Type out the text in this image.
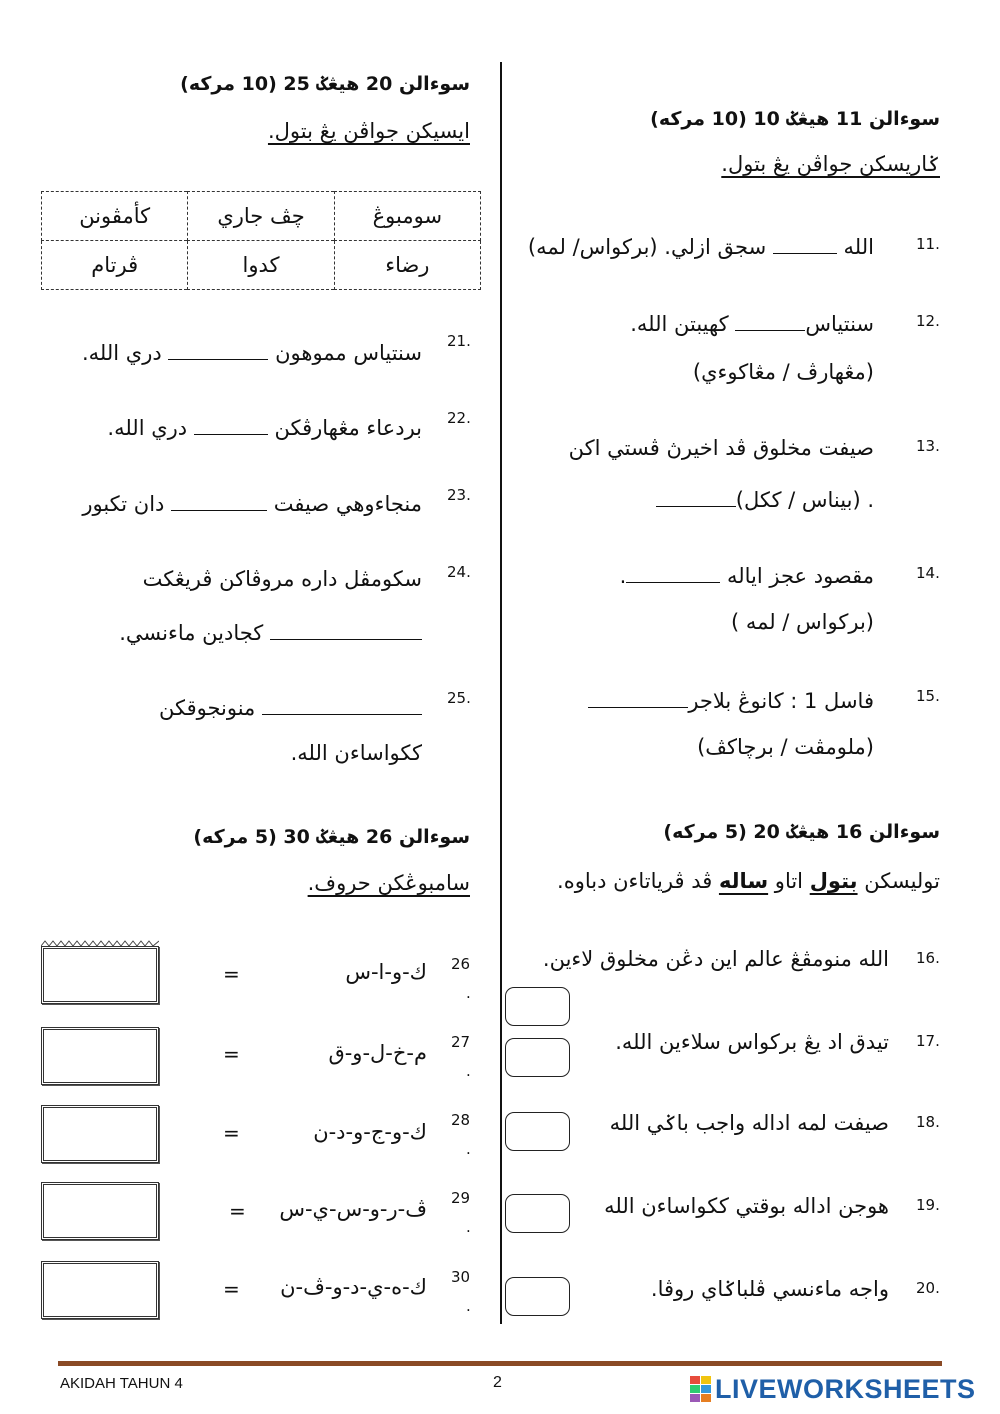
سوءالن 11 هيڠݢ 10 (10 مركه)
ݢاريسكن جواڤن يڠ بتول.
11.
الله  سجق ازلي. (بركواس/ لمه)
12.
سنتياس كهيبتن الله.
(مڠهارڤ / مڠاكوءي)
13.
صيفت مخلوق ڤد اخيرڽ ڤستي اكن
. (بيناس / ككل)
14.
مقصود عجز اياله .
(بركواس / لمه )
15.
فاسل 1 : كانوڠ بلاجر
(ملومڤت / برچاكڤ)
سوءالن 16 هيڠݢ 20 (5 مركه)
توليسكن بتول اتاو ساله ڤد ڤرياتاءن دباوه.
16.
الله منومڤڠ عالم اين دڠن مخلوق لاءين.
17.
تيدق اد يڠ بركواس سلاءين الله.
18.
صيفت لمه اداله واجب باݢي الله
19.
هوجن اداله بوقتي ككواساءن الله
20.
واجه ماءنسي ڤلباݢاي روڤا.
سوءالن 20 هيڠݢ 25 (10 مركه)
ايسيكن جواڤن يڠ بتول.
سومبوڠ	چڤ جاري	كأمڤونن
رضاء	كدوا	ڤرتام
21.
سنتياس مموهون  دري الله.
22.
بردعاء مڠهارڤكن  دري الله.
23.
منجاءوهي صيفت  دان تكبور
24.
سكومڤل داره مروڤاكن ڤريڠكت
كجادين ماءنسي.
25.
منونجوقكن
ككواساءن الله.
سوءالن 26 هيڠݢ 30 (5 مركه)
سامبوڠكن حروف.
=	ك-و-ا-س 26
.
=	م-خ-ل-و-ق 27
.
=	ك-و-ج-و-د-ن 28
.
= ڤ-ر-و-س-ي-س 29
.
= ك-ه-ي-د-و-ڤ-ن 30
.
AKIDAH TAHUN 4	2	LIVEWORKSHEETS
